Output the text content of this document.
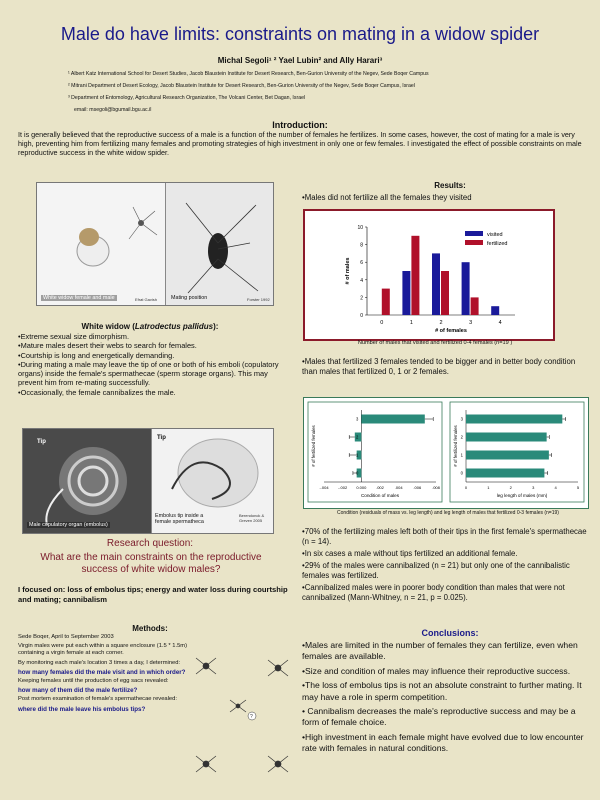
Male do have limits: constraints on mating in a widow spider
Michal Segoli¹ ² Yael Lubin² and Ally Harari³
¹ Albert Katz International School for Desert Studies, Jacob Blaustein Institute for Desert Research, Ben-Gurion University of the Negev, Sede Boqer Campus
² Mitrani Department of Desert Ecology, Jacob Blaustein Institute for Desert Research, Ben-Gurion University of the Negev, Sede Boqer Campus, Israel
³ Department of Entomology, Agricultural Research Organization, The Volcani Center, Bet Dagan, Israel
email: msegoli@bgumail.bgu.ac.il
Introduction:
It is generally believed that the reproductive success of a male is a function of the number of females he fertilizes. In some cases, however, the cost of mating for a male is very high, preventing him from fertilizing many females and promoting strategies of high investment in only one or few females. I investigated the effect of possible constraints on male reproductive success in the white widow spider.
White widow female and male	Efrat Gavish	Mating position	Forster 1992
White widow (Latrodectus pallidus):
•Extreme sexual size dimorphism.
•Mature males desert their webs to search for females.
•Courtship is long and energetically demanding.
•During mating a male may leave the tip of one or both of his emboli (copulatory organs) inside the female's spermathecae (sperm storage organs). This may prevent him from re-mating successfully.
•Occasionally, the female cannibalizes the male.
Tip
Tip
Male copulatory organ (embolus)
Embolus tip inside a female spermatheca
Berendonck & Greven 2005
Research question:
What are the main constraints on the reproductive success of white widow males?
I focused on: loss of embolus tips; energy and water loss during courtship and mating; cannibalism
Methods:
Sede Boqer, April to September 2003
Virgin males were put each within a square enclosure (1.5 * 1.5m) containing a virgin female at each corner.
By monitoring each male's location 3 times a day, I determined:
how many females did the male visit and in which order?
Keeping females until the production of egg sacs revealed:
how many of them did the male fertilize?
Post mortem examination of female's spermathecae revealed:
where did the male leave his embolus tips?
?
Results:
•Males did not fertilize all the females they visited
0
2
4
6
8
10
0	1	2	3	4
# of females
# of males
visited
fertilized
Number of males that visited and fertilized 0-4 females (n=19 )
•Males that fertilized 3 females tended to be bigger and in better body condition than males that fertilized 0, 1 or 2 females.
-.004 -.002 0.000 .002	.004	.006	.008
Condition of males
# of fertilized females
0
1
2
3
0	1	2	3	4	5
leg length of males (mm)
# of fertilized females
0
1
2
3
Condition (residuals of mass vs. leg length) and leg length of males that fertilized 0-3 females (n=19)
•70% of the fertilizing males left both of their tips in the first female's spermathecae (n = 14).
•In six cases a male without tips fertilized an additional female.
•29% of the males were cannibalized (n = 21) but only one of the cannibalistic females was fertilized.
•Cannibalized males were in poorer body condition than males that were not cannibalized (Mann-Whitney, n = 21, p = 0.025).
Conclusions:
•Males are limited in the number of females they can fertilize, even when females are available.
•Size and condition of males may influence their reproductive success.
•The loss of embolus tips is not an absolute constraint to further mating. It may have a role in sperm competition.
• Cannibalism decreases the male's reproductive success and may be a form of female choice.
•High investment in each female might have evolved due to low encounter rate with females in natural conditions.
